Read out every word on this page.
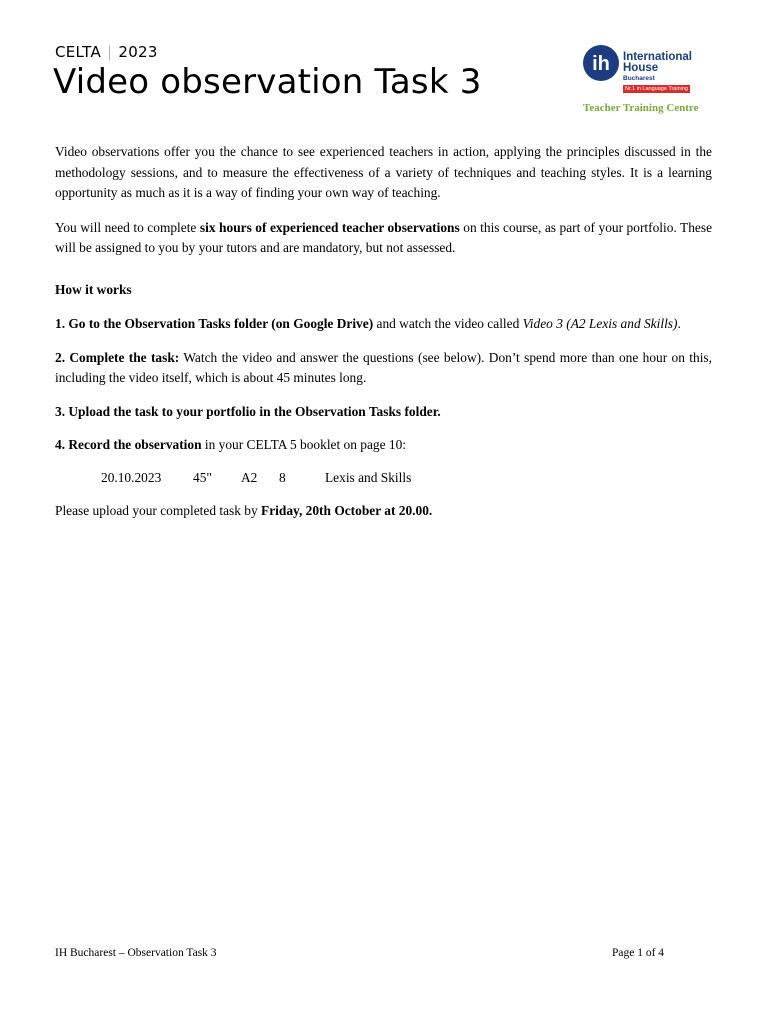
CELTA | 2023
Video observation Task 3	ih International
House
Bucharest
Nr.1 in Language Training
Teacher Training Centre

Video observations offer you the chance to see experienced teachers in action, applying the principles discussed in the methodology sessions, and to measure the effectiveness of a variety of techniques and teaching styles. It is a learning opportunity as much as it is a way of finding your own way of teaching.

You will need to complete six hours of experienced teacher observations on this course, as part of your portfolio. These will be assigned to you by your tutors and are mandatory, but not assessed.

How it works

1. Go to the Observation Tasks folder (on Google Drive) and watch the video called Video 3 (A2 Lexis and Skills).

2. Complete the task: Watch the video and answer the questions (see below). Don’t spend more than one hour on this, including the video itself, which is about 45 minutes long.

3. Upload the task to your portfolio in the Observation Tasks folder.

4. Record the observation in your CELTA 5 booklet on page 10:

20.10.2023	45"	A2	8	Lexis and Skills

Please upload your completed task by Friday, 20th October at 20.00.

IH Bucharest – Observation Task 3	Page 1 of 4
